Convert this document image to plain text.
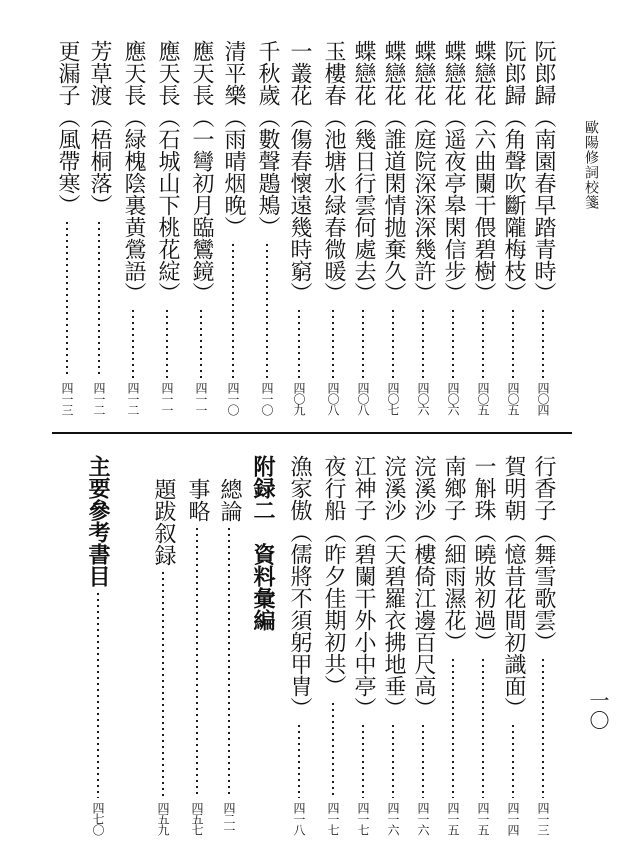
歐陽修詞校箋
一〇
阮郎歸（南園春早踏青時）
四〇四
阮郎歸（角聲吹斷隴梅枝）
四〇五
蝶戀花（六曲闌干偎碧樹）
四〇五
蝶戀花（遥夜亭皋閑信步）
四〇六
蝶戀花（庭院深深深幾許）
四〇六
蝶戀花（誰道閑情抛棄久）
四〇七
蝶戀花（幾日行雲何處去）
四〇八
玉樓春（池塘水緑春微暖）
四〇八
一叢花（傷春懷遠幾時窮）
四〇九
千秋歲（數聲鶗鴂）
四一〇
清平樂（雨晴烟晚）
四一〇
應天長（一彎初月臨鸞鏡）
四一一
應天長（石城山下桃花綻）
四一一
應天長（緑槐陰裏黄鶯語）
四一二
芳草渡（梧桐落）
四一二
更漏子（風帶寒）
四一三
行香子（舞雪歌雲）
四一三
賀明朝（憶昔花間初識面）
四一四
一斛珠（曉妝初過）
四一五
南鄉子（細雨濕花）
四一五
浣溪沙（樓倚江邊百尺高）
四一六
浣溪沙（天碧羅衣拂地垂）
四一六
江神子（碧闌干外小中亭）
四一七
夜行船（昨夕佳期初共）
四一七
漁家傲（儒將不須躬甲胄）
四一八
附録二　資料彙編
總論
四二一
事略
四五七
題跋叙録
四五九
主要參考書目
四七〇
